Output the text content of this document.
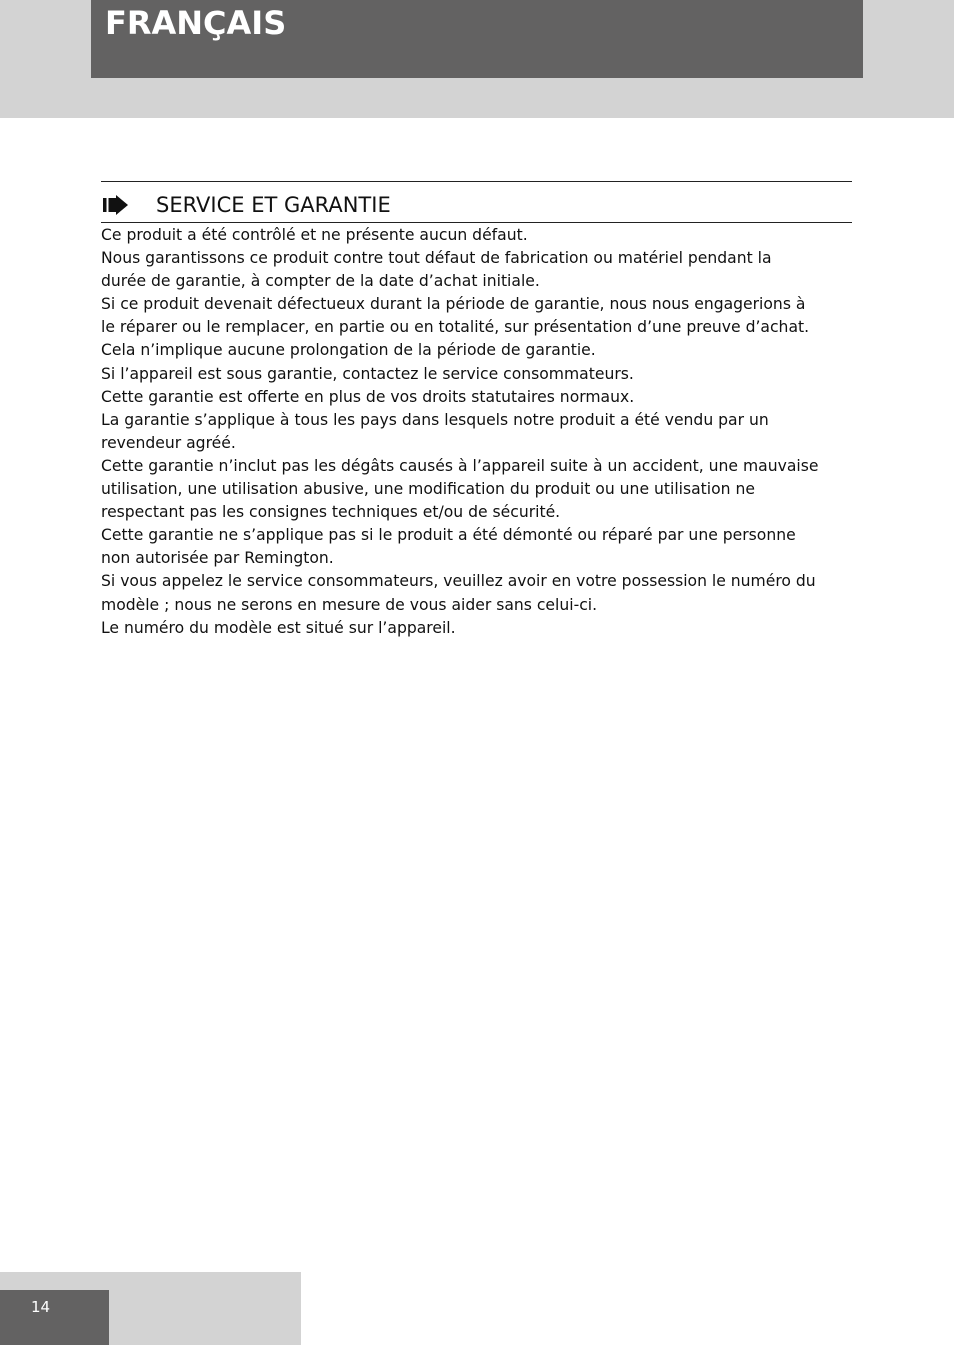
FRANÇAIS
SERVICE ET GARANTIE

Ce produit a été contrôlé et ne présente aucun défaut.

Nous garantissons ce produit contre tout défaut de fabrication ou matériel pendant la

durée de garantie, à compter de la date d’achat initiale.

Si ce produit devenait défectueux durant la période de garantie, nous nous engagerions à

le réparer ou le remplacer, en partie ou en totalité, sur présentation d’une preuve d’achat.

Cela n’implique aucune prolongation de la période de garantie.

Si l’appareil est sous garantie, contactez le service consommateurs.

Cette garantie est offerte en plus de vos droits statutaires normaux.

La garantie s’applique à tous les pays dans lesquels notre produit a été vendu par un

revendeur agréé.

Cette garantie n’inclut pas les dégâts causés à l’appareil suite à un accident, une mauvaise

utilisation, une utilisation abusive, une modification du produit ou une utilisation ne

respectant pas les consignes techniques et/ou de sécurité.

Cette garantie ne s’applique pas si le produit a été démonté ou réparé par une personne

non autorisée par Remington.

Si vous appelez le service consommateurs, veuillez avoir en votre possession le numéro du

modèle ; nous ne serons en mesure de vous aider sans celui-ci.

Le numéro du modèle est situé sur l’appareil.

14
